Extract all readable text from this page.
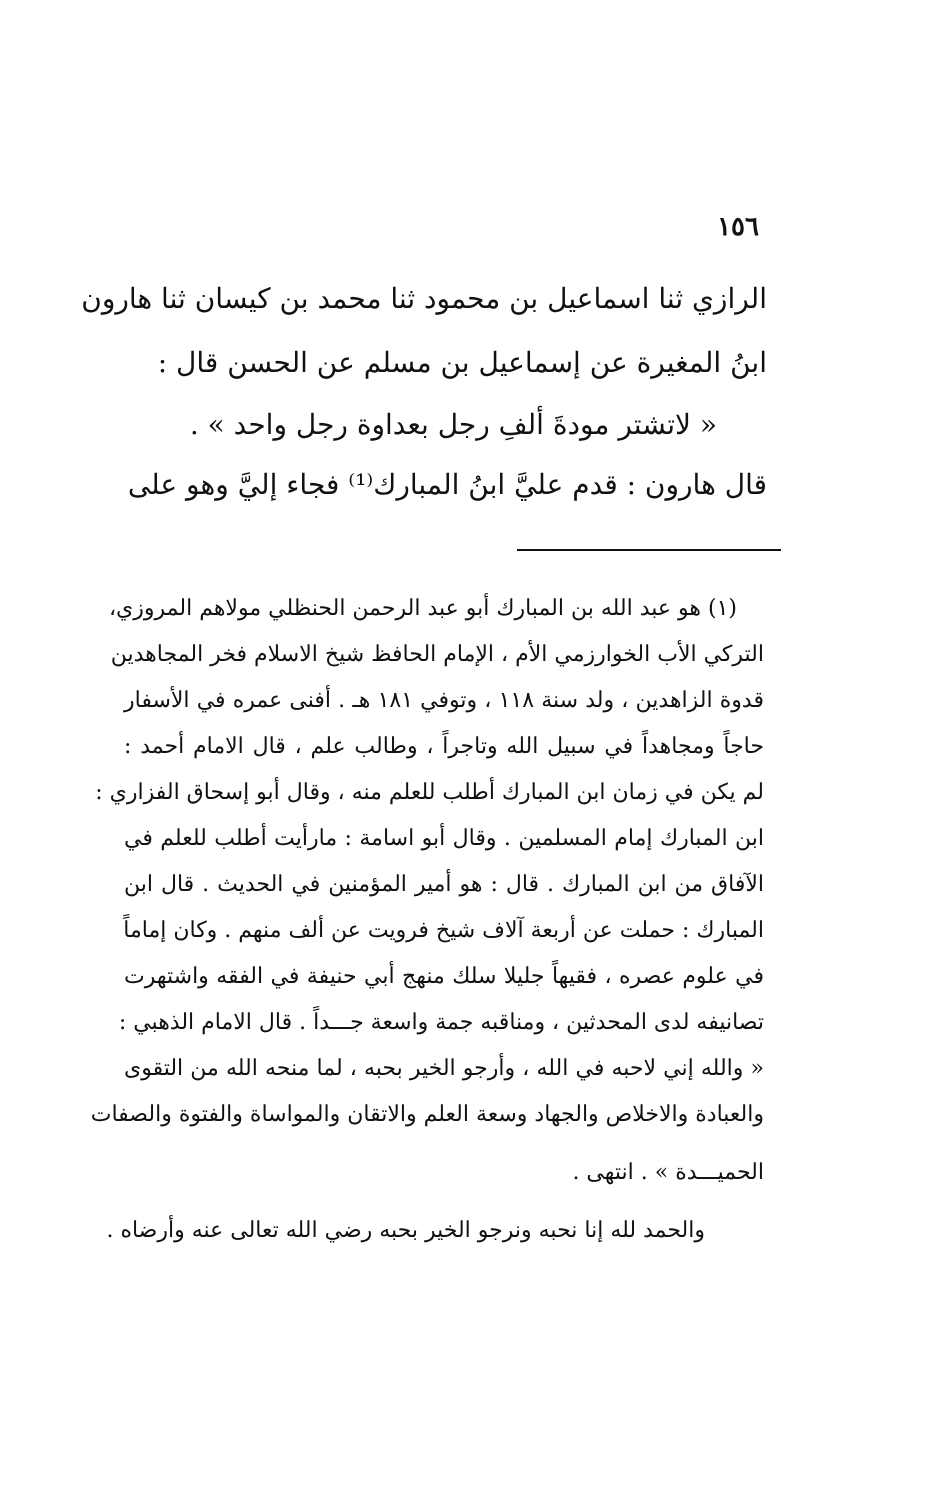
١٥٦
الرازي ثنا اسماعيل بن محمود ثنا محمد بن كيسان ثنا هارون
ابنُ المغيرة عن إسماعيل بن مسلم عن الحسن قال :
« لاتشتر مودةَ ألفِ رجل بعداوة رجل واحد » .
قال هارون : قدم عليَّ ابنُ المبارك⁽¹⁾ فجاء إليَّ وهو على
(١) هو عبد الله بن المبارك أبو عبد الرحمن الحنظلي مولاهم المروزي،
التركي الأب الخوارزمي الأم ، الإمام الحافظ شيخ الاسلام فخر المجاهدين
قدوة الزاهدين ، ولد سنة ١١٨ ، وتوفي ١٨١ هـ . أفنى عمره في الأسفار
حاجاً ومجاهداً في سبيل الله وتاجراً ، وطالب علم ، قال الامام أحمد :
لم يكن في زمان ابن المبارك أطلب للعلم منه ، وقال أبو إسحاق الفزاري :
ابن المبارك إمام المسلمين . وقال أبو اسامة : مارأيت أطلب للعلم في
الآفاق من ابن المبارك . قال : هو أمير المؤمنين في الحديث . قال ابن
المبارك : حملت عن أربعة آلاف شيخ فرويت عن ألف منهم . وكان إماماً
في علوم عصره ، فقيهاً جليلا سلك منهج أبي حنيفة في الفقه واشتهرت
تصانيفه لدى المحدثين ، ومناقبه جمة واسعة جـــداً . قال الامام الذهبي :
« والله إني لاحبه في الله ، وأرجو الخير بحبه ، لما منحه الله من التقوى
والعبادة والاخلاص والجهاد وسعة العلم والاتقان والمواساة والفتوة والصفات
الحميـــدة » . انتهى .
والحمد لله إنا نحبه ونرجو الخير بحبه رضي الله تعالى عنه وأرضاه .
